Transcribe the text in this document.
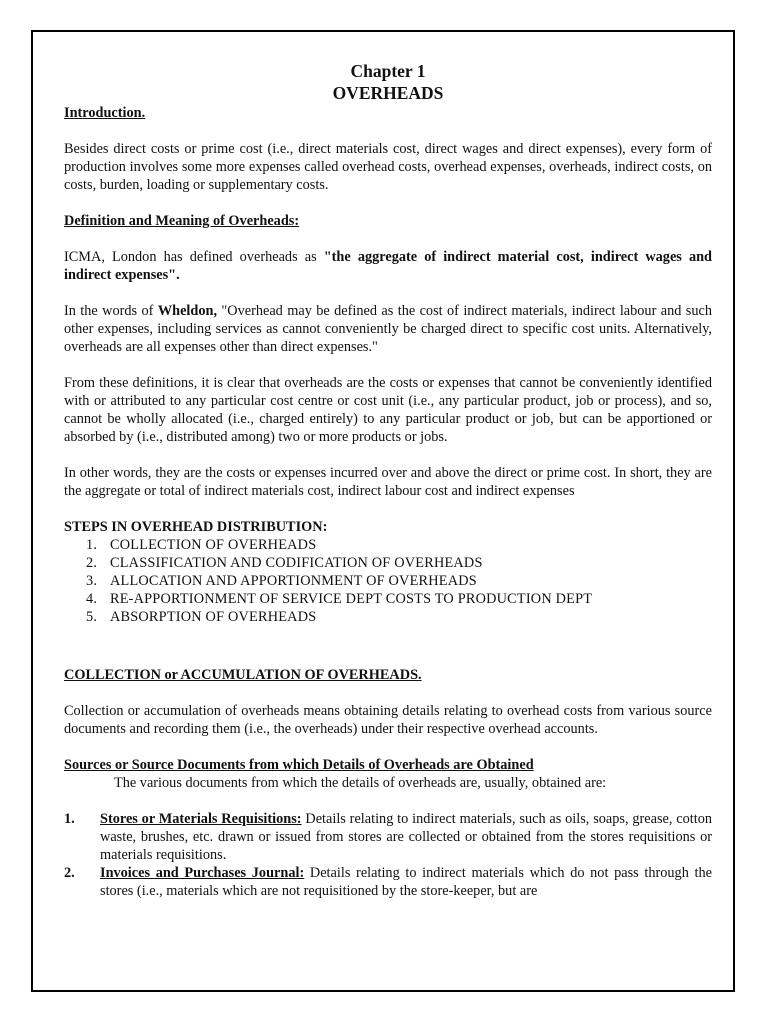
Chapter 1
OVERHEADS
Introduction.

Besides direct costs or prime cost (i.e., direct materials cost, direct wages and direct expenses), every form of production involves some more expenses called overhead costs, overhead expenses, overheads, indirect costs, on costs, burden, loading or supplementary costs.

Definition and Meaning of Overheads:

ICMA, London has defined overheads as "the aggregate of indirect material cost, indirect wages and indirect expenses".

In the words of Wheldon, "Overhead may be defined as the cost of indirect materials, indirect labour and such other expenses, including services as cannot conveniently be charged direct to specific cost units. Alternatively, overheads are all expenses other than direct expenses."

From these definitions, it is clear that overheads are the costs or expenses that cannot be conveniently identified with or attributed to any particular cost centre or cost unit (i.e., any particular product, job or process), and so, cannot be wholly allocated (i.e., charged entirely) to any particular product or job, but can be apportioned or absorbed by (i.e., distributed among) two or more products or jobs.

In other words, they are the costs or expenses incurred over and above the direct or prime cost. In short, they are the aggregate or total of indirect materials cost, indirect labour cost and indirect expenses

STEPS IN OVERHEAD DISTRIBUTION:
1. COLLECTION OF OVERHEADS
2. CLASSIFICATION AND CODIFICATION OF OVERHEADS
3. ALLOCATION AND APPORTIONMENT OF OVERHEADS
4. RE-APPORTIONMENT OF SERVICE DEPT COSTS TO PRODUCTION DEPT
5. ABSORPTION OF OVERHEADS
COLLECTION or ACCUMULATION OF OVERHEADS.

Collection or accumulation of overheads means obtaining details relating to overhead costs from various source documents and recording them (i.e., the overheads) under their respective overhead accounts.

Sources or Source Documents from which Details of Overheads are Obtained

The various documents from which the details of overheads are, usually, obtained are:

1. Stores or Materials Requisitions: Details relating to indirect materials, such as oils, soaps, grease, cotton waste, brushes, etc. drawn or issued from stores are collected or obtained from the stores requisitions or materials requisitions.
2. Invoices and Purchases Journal: Details relating to indirect materials which do not pass through the stores (i.e., materials which are not requisitioned by the store-keeper, but are
